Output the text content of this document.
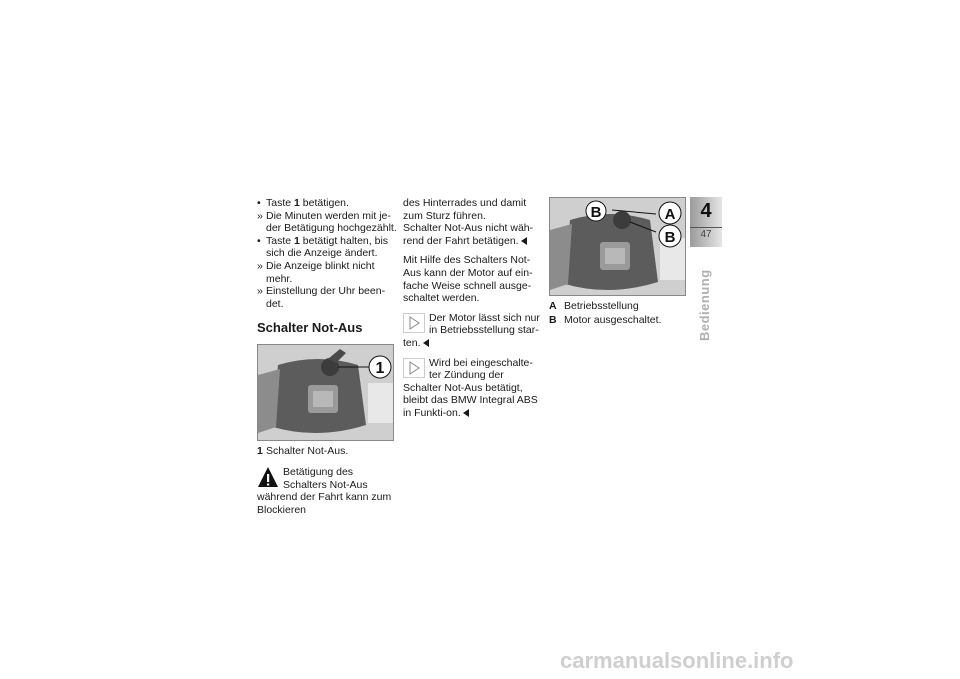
• Taste 1 betätigen.
» Die Minuten werden mit je-der Betätigung hochgezählt.
• Taste 1 betätigt halten, bis sich die Anzeige ändert.
» Die Anzeige blinkt nicht mehr.
» Einstellung der Uhr been-det.
Schalter Not-Aus
1
1 Schalter Not-Aus.
Betätigung des Schalters Not-Aus während der Fahrt kann zum Blockieren
des Hinterrades und damit zum Sturz führen.
Schalter Not-Aus nicht wäh-rend der Fahrt betätigen.
Mit Hilfe des Schalters Not-Aus kann der Motor auf ein-fache Weise schnell ausge-schaltet werden.
Der Motor lässt sich nur in Betriebsstellung star-ten.
Wird bei eingeschalte-ter Zündung der Schalter Not-Aus betätigt, bleibt das BMW Integral ABS in Funkti-on.
B	A
B
A Betriebsstellung
B Motor ausgeschaltet.
4
47
Bedienung
carmanualsonline.info
